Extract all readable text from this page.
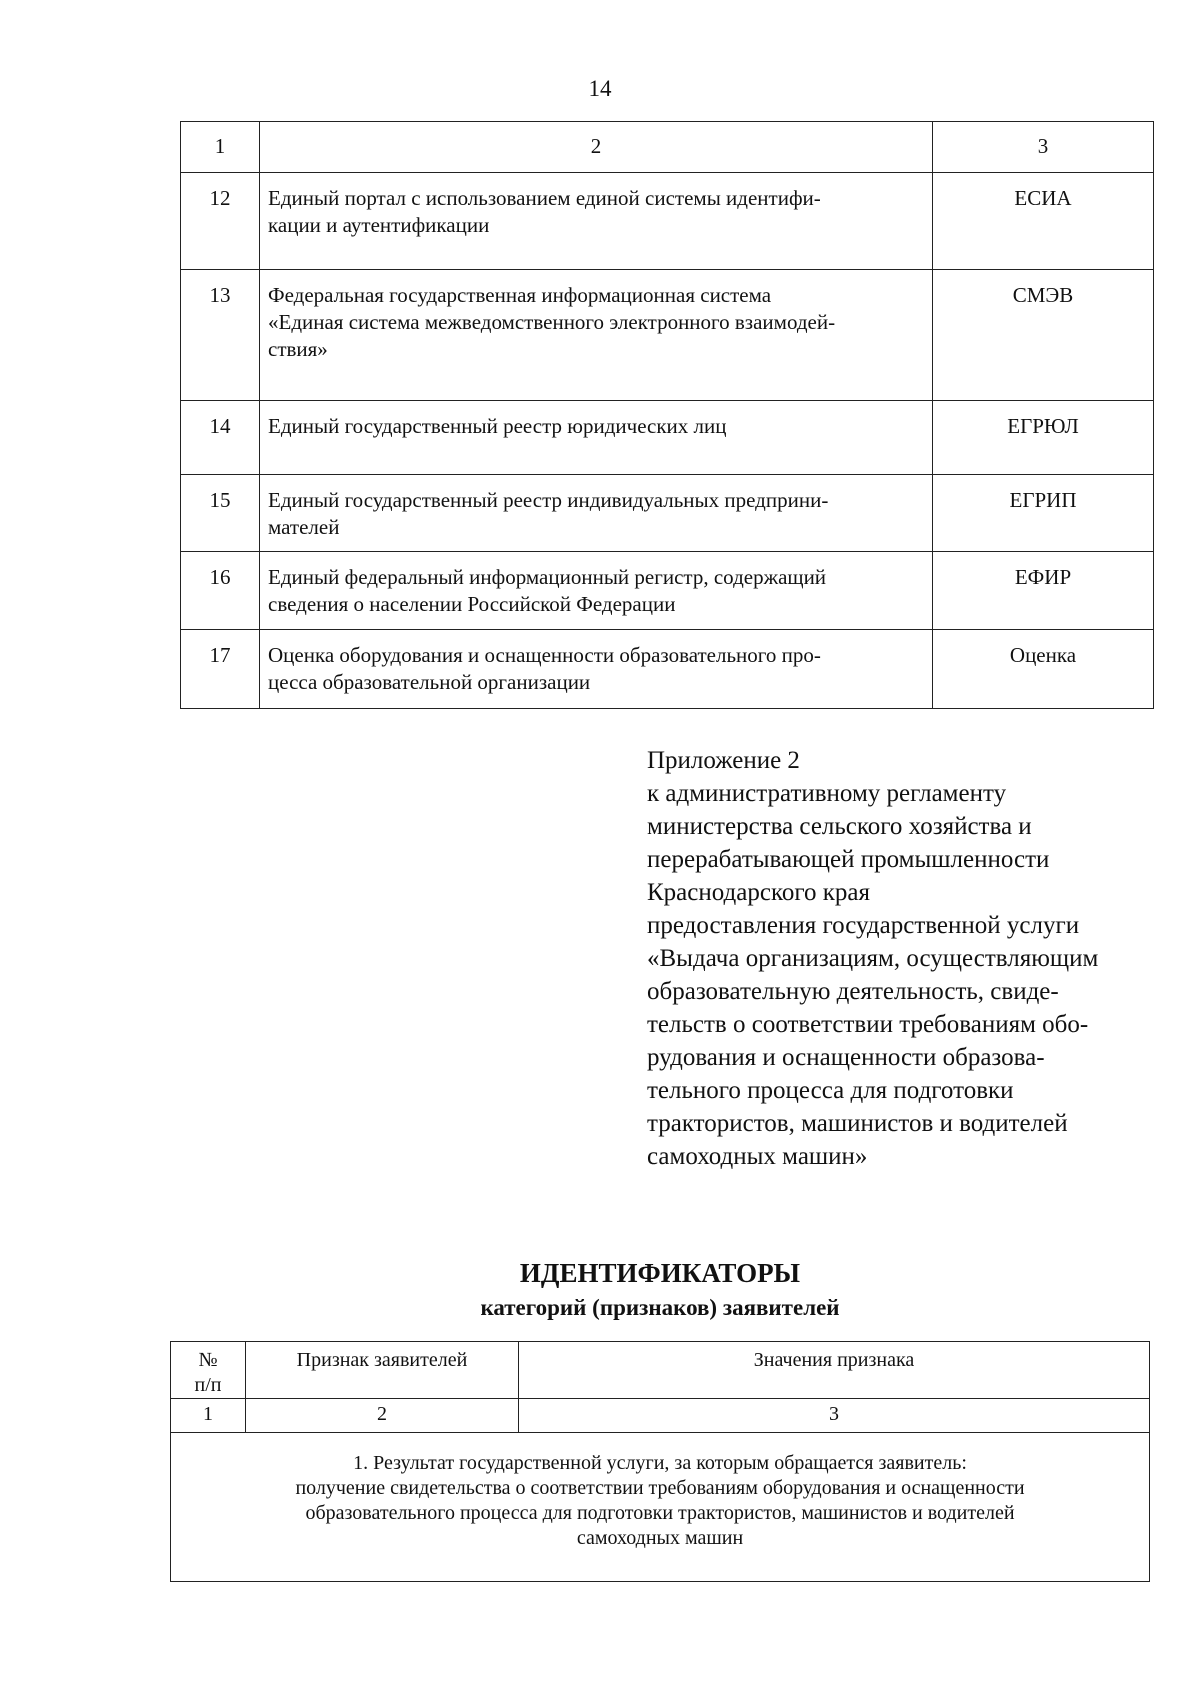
14
1	2	3
12	Единый портал с использованием единой системы идентифи-
кации и аутентификации	ЕСИА
13	Федеральная государственная информационная система
«Единая система межведомственного электронного взаимодей-
ствия»	СМЭВ
14	Единый государственный реестр юридических лиц	ЕГРЮЛ
15	Единый государственный реестр индивидуальных предприни-
мателей	ЕГРИП
16	Единый федеральный информационный регистр, содержащий
сведения о населении Российской Федерации	ЕФИР
17	Оценка оборудования и оснащенности образовательного про-
цесса образовательной организации	Оценка
Приложение 2
к административному регламенту
министерства сельского хозяйства и
перерабатывающей промышленности
Краснодарского края
предоставления государственной услуги
«Выдача организациям, осуществляющим
образовательную деятельность, свиде-
тельств о соответствии требованиям обо-
рудования и оснащенности образова-
тельного процесса для подготовки
трактористов, машинистов и водителей
самоходных машин»
ИДЕНТИФИКАТОРЫ
категорий (признаков) заявителей
№
п/п	Признак заявителей	Значения признака
1	2	3
1. Результат государственной услуги, за которым обращается заявитель:
получение свидетельства о соответствии требованиям оборудования и оснащенности
образовательного процесса для подготовки трактористов, машинистов и водителей
самоходных машин		
